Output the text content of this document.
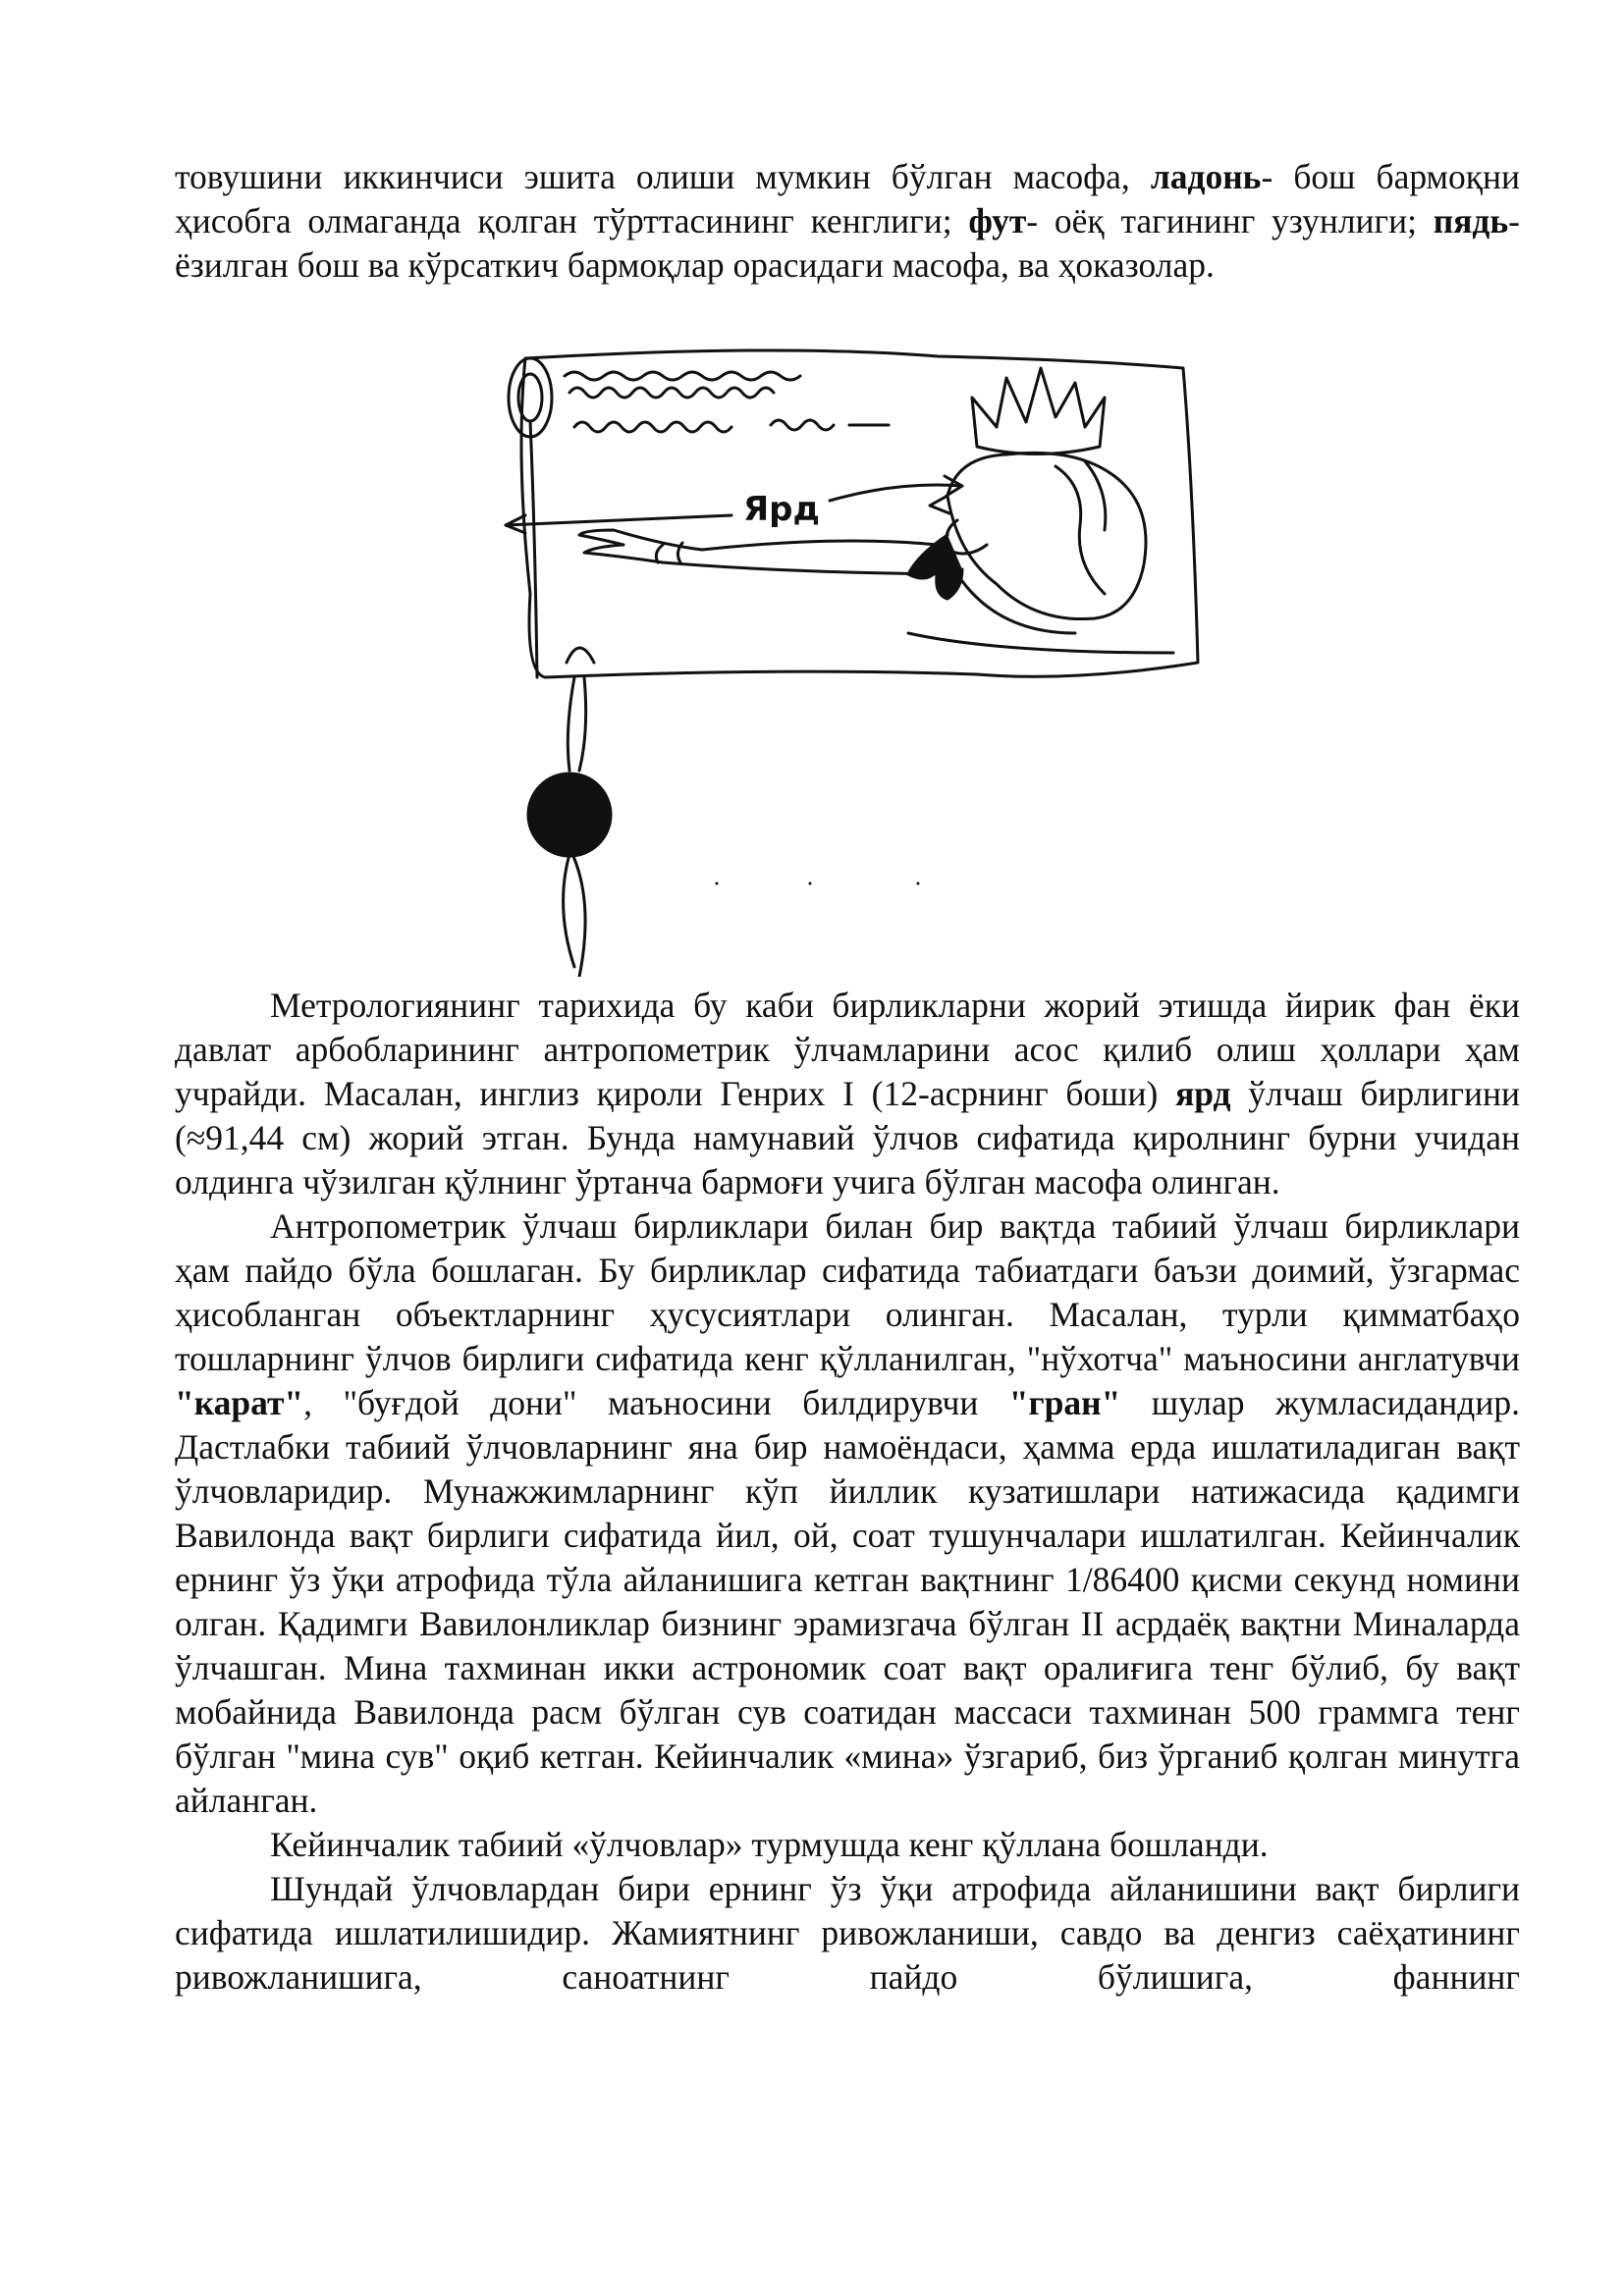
товушини иккинчиси эшита олиши мумкин бўлган масофа, ладонь- бош бармоқни ҳисобга олмаганда қолган тўрттасининг кенглиги; фут- оёқ тагининг узунлиги; пядь- ёзилган бош ва кўрсаткич бармоқлар орасидаги масофа, ва ҳоказолар.

Ярд

Метрологиянинг тарихида бу каби бирликларни жорий этишда йирик фан ёки давлат арбобларининг антропометрик ўлчамларини асос қилиб олиш ҳоллари ҳам учрайди. Масалан, инглиз қироли Генрих I (12-асрнинг боши) ярд ўлчаш бирлигини (≈91,44 см) жорий этган. Бунда намунавий ўлчов сифатида қиролнинг бурни учидан олдинга чўзилган қўлнинг ўртанча бармоғи учига бўлган масофа олинган.

Антропометрик ўлчаш бирликлари билан бир вақтда табиий ўлчаш бирликлари ҳам пайдо бўла бошлаган. Бу бирликлар сифатида табиатдаги баъзи доимий, ўзгармас ҳисобланган объектларнинг ҳусусиятлари олинган. Масалан, турли қимматбаҳо тошларнинг ўлчов бирлиги сифатида кенг қўлланилган, "нўхотча" маъносини англатувчи "карат", "буғдой дони" маъносини билдирувчи "гран" шулар жумласидандир. Дастлабки табиий ўлчовларнинг яна бир намоёндаси, ҳамма ерда ишлатиладиган вақт ўлчовларидир. Мунажжимларнинг кўп йиллик кузатишлари натижасида қадимги Вавилонда вақт бирлиги сифатида йил, ой, соат тушунчалари ишлатилган. Кейинчалик ернинг ўз ўқи атрофида тўла айланишига кетган вақтнинг 1/86400 қисми секунд номини олган. Қадимги Вавилонликлар бизнинг эрамизгача бўлган II асрдаёқ вақтни Миналарда ўлчашган. Мина тахминан икки астрономик соат вақт оралиғига тенг бўлиб, бу вақт мобайнида Вавилонда расм бўлган сув соатидан массаси тахминан 500 граммга тенг бўлган "мина сув" оқиб кетган. Кейинчалик «мина» ўзгариб, биз ўрганиб қолган минутга айланган.

Кейинчалик табиий «ўлчовлар» турмушда кенг қўллана бошланди.

Шундай ўлчовлардан бири ернинг ўз ўқи атрофида айланишини вақт бирлиги сифатида ишлатилишидир. Жамиятнинг ривожланиши, савдо ва денгиз саёҳатининг ривожланишига, саноатнинг пайдо бўлишига, фаннинг
